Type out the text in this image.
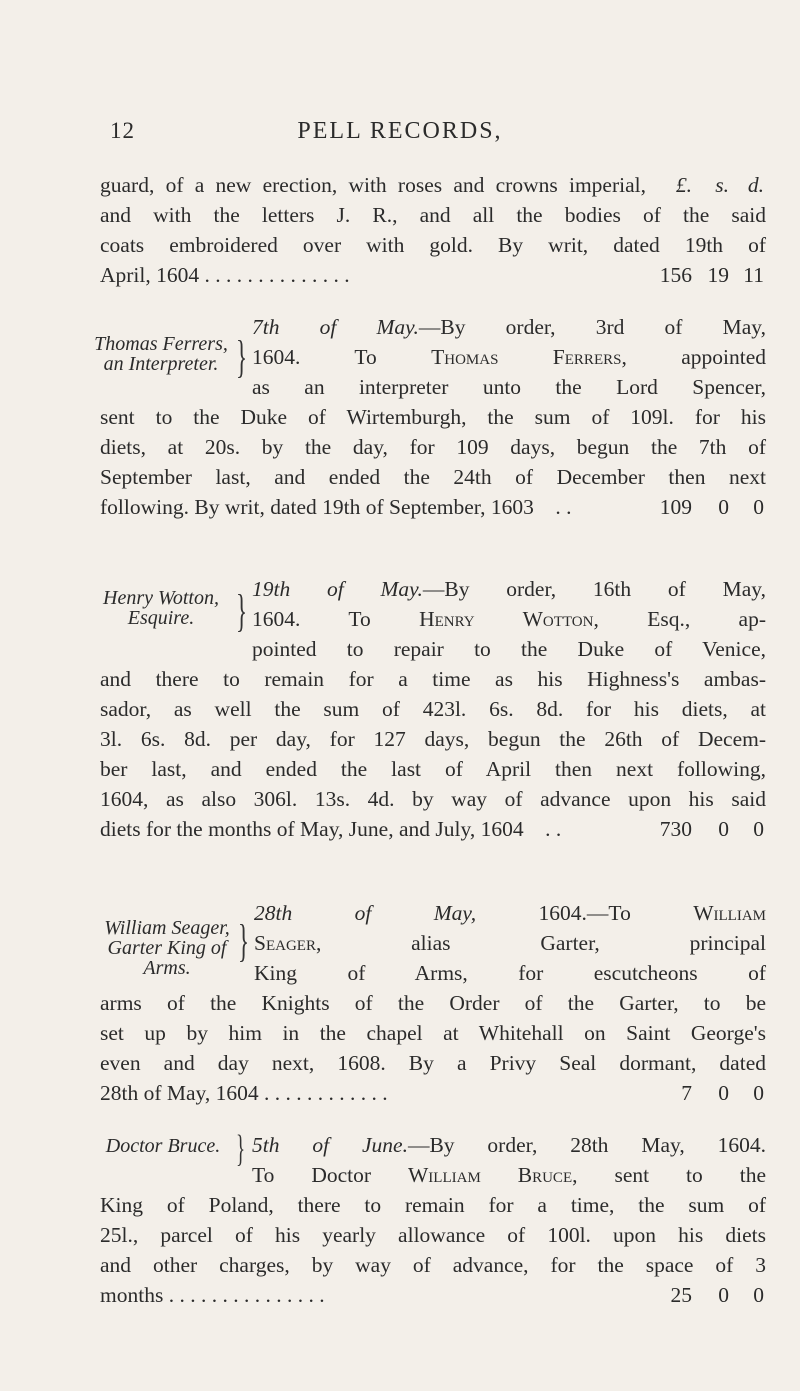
12	PELL RECORDS,
guard, of a new erection, with roses and crowns imperial,	£.	s. d.
and with the letters J. R., and all the bodies of the said
coats embroidered over with gold. By writ, dated 19th of
April, 1604 . . . . . . . . . . . . . .	156 19 11
Thomas Ferrers,
an Interpreter. }
7th of May.—By order, 3rd of May,
1604. To Thomas Ferrers, appointed
as an interpreter unto the Lord Spencer,
sent to the Duke of Wirtemburgh, the sum of 109l. for his
diets, at 20s. by the day, for 109 days, begun the 7th of
September last, and ended the 24th of December then next
following. By writ, dated 19th of September, 1603    . .	109	0	0
Henry Wotton,
Esquire. } 19th of May.—By order, 16th of May,
1604. To Henry Wotton, Esq., ap-
pointed to repair to the Duke of Venice,
and there to remain for a time as his Highness's ambas-
sador, as well the sum of 423l. 6s. 8d. for his diets, at
3l. 6s. 8d. per day, for 127 days, begun the 26th of Decem-
ber last, and ended the last of April then next following,
1604, as also 306l. 13s. 4d. by way of advance upon his said
diets for the months of May, June, and July, 1604    . .	730	0	0
William Seager,
Garter King of Arms.
}
28th of May, 1604.—To William
Seager, alias Garter, principal
King of Arms, for escutcheons of
arms of the Knights of the Order of the Garter, to be
set up by him in the chapel at Whitehall on Saint George's
even and day next, 1608. By a Privy Seal dormant, dated
28th of May, 1604 . . . . . . . . . . . .	7	0	0
Doctor Bruce. } 5th of June.—By order, 28th May, 1604.
To Doctor William Bruce, sent to the
King of Poland, there to remain for a time, the sum of
25l., parcel of his yearly allowance of 100l. upon his diets
and other charges, by way of advance, for the space of 3
months . . . . . . . . . . . . . . .	25	0	0
